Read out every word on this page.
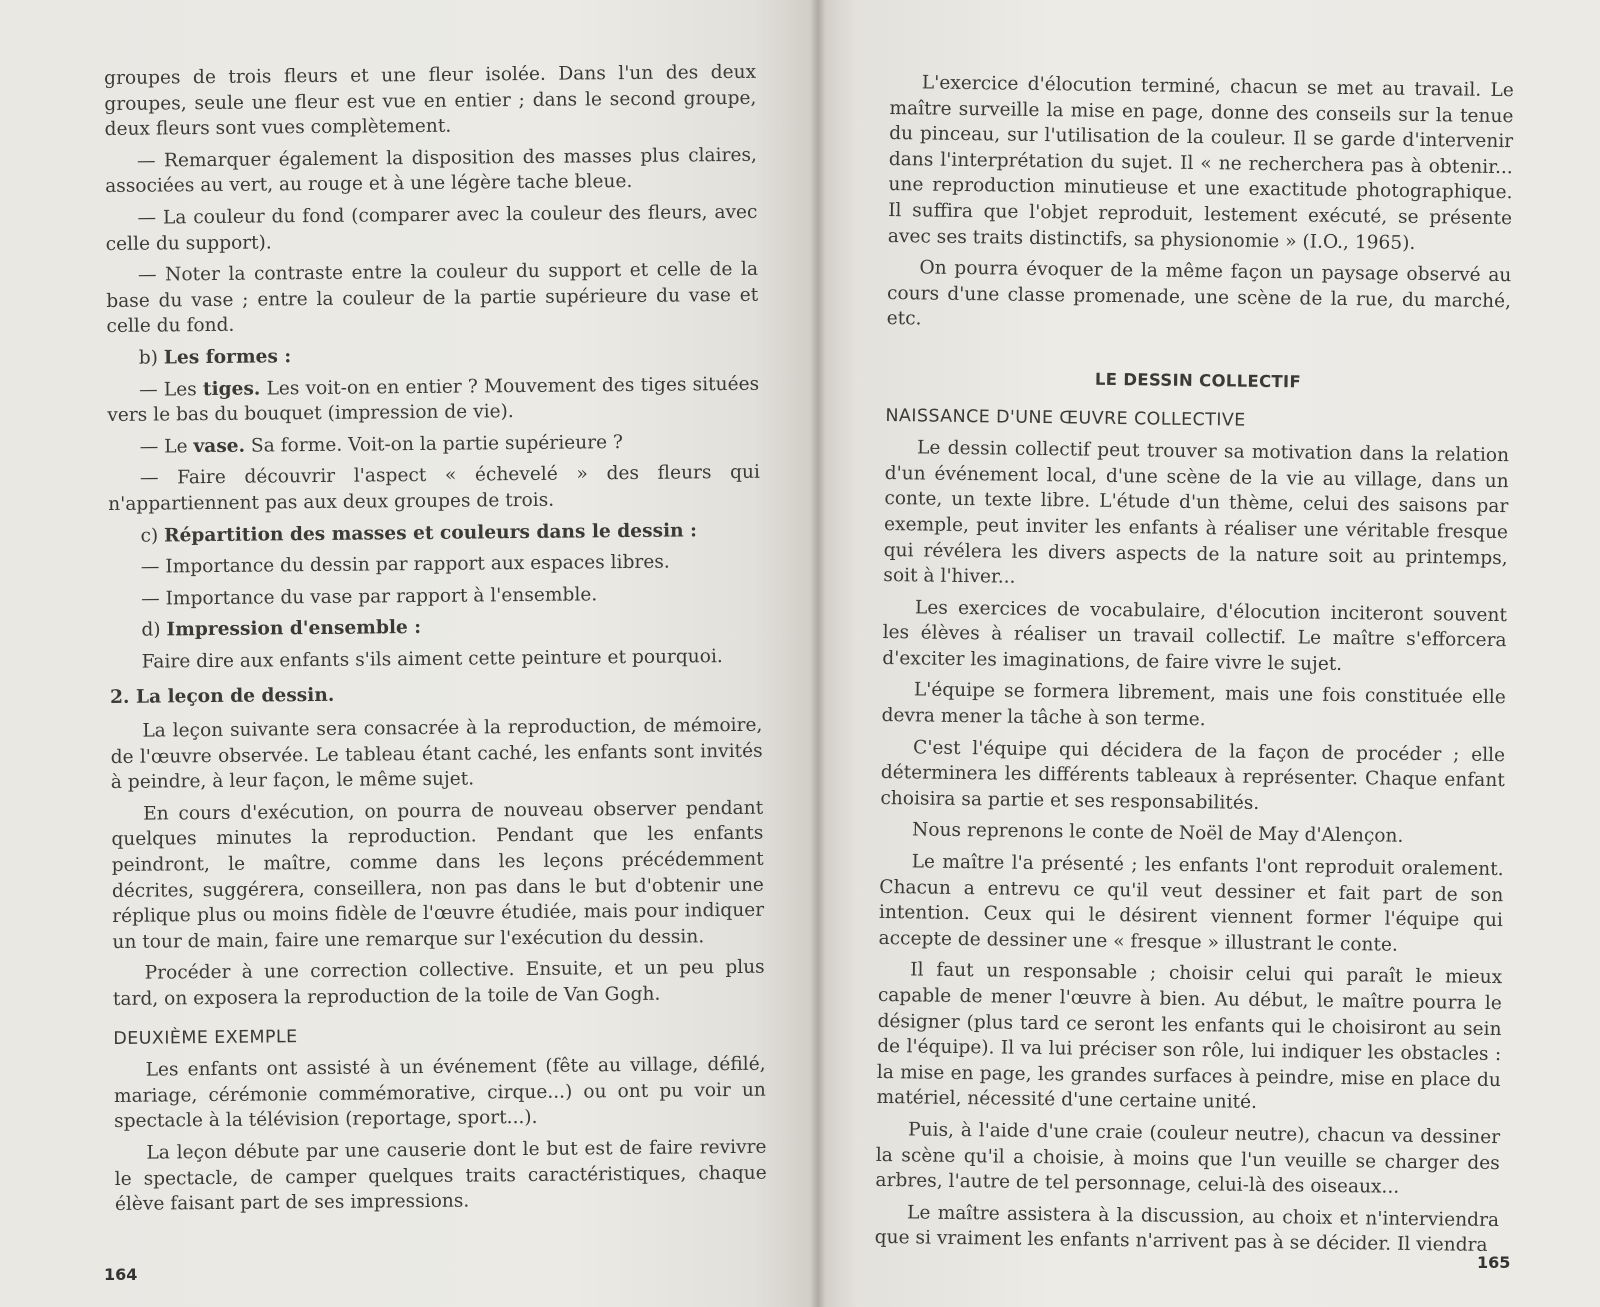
groupes de trois fleurs et une fleur isolée. Dans l'un des deux groupes, seule une fleur est vue en entier ; dans le second groupe, deux fleurs sont vues complètement.

— Remarquer également la disposition des masses plus claires, associées au vert, au rouge et à une légère tache bleue.

— La couleur du fond (comparer avec la couleur des fleurs, avec celle du support).

— Noter la contraste entre la couleur du support et celle de la base du vase ; entre la couleur de la partie supérieure du vase et celle du fond.

b) Les formes :

— Les tiges. Les voit-on en entier ? Mouvement des tiges situées vers le bas du bouquet (impression de vie).

— Le vase. Sa forme. Voit-on la partie supérieure ?

— Faire découvrir l'aspect « échevelé » des fleurs qui n'appartiennent pas aux deux groupes de trois.

c) Répartition des masses et couleurs dans le dessin :

— Importance du dessin par rapport aux espaces libres.

— Importance du vase par rapport à l'ensemble.

d) Impression d'ensemble :

Faire dire aux enfants s'ils aiment cette peinture et pourquoi.

2. La leçon de dessin.

La leçon suivante sera consacrée à la reproduction, de mémoire, de l'œuvre observée. Le tableau étant caché, les enfants sont invités à peindre, à leur façon, le même sujet.

En cours d'exécution, on pourra de nouveau observer pendant quelques minutes la reproduction. Pendant que les enfants peindront, le maître, comme dans les leçons précédemment décrites, suggérera, conseillera, non pas dans le but d'obtenir une réplique plus ou moins fidèle de l'œuvre étudiée, mais pour indiquer un tour de main, faire une remarque sur l'exécution du dessin.

Procéder à une correction collective. Ensuite, et un peu plus tard, on exposera la reproduction de la toile de Van Gogh.

DEUXIÈME EXEMPLE

Les enfants ont assisté à un événement (fête au village, défilé, mariage, cérémonie commémorative, cirque...) ou ont pu voir un spectacle à la télévision (reportage, sport...).

La leçon débute par une causerie dont le but est de faire revivre le spectacle, de camper quelques traits caractéristiques, chaque élève faisant part de ses impressions.

L'exercice d'élocution terminé, chacun se met au travail. Le maître surveille la mise en page, donne des conseils sur la tenue du pinceau, sur l'utilisation de la couleur. Il se garde d'intervenir dans l'interprétation du sujet. Il « ne recherchera pas à obtenir... une reproduction minutieuse et une exactitude photographique. Il suffira que l'objet reproduit, lestement exécuté, se présente avec ses traits distinctifs, sa physionomie » (I.O., 1965).

On pourra évoquer de la même façon un paysage observé au cours d'une classe promenade, une scène de la rue, du marché, etc.

LE DESSIN COLLECTIF

NAISSANCE D'UNE ŒUVRE COLLECTIVE

Le dessin collectif peut trouver sa motivation dans la relation d'un événement local, d'une scène de la vie au village, dans un conte, un texte libre. L'étude d'un thème, celui des saisons par exemple, peut inviter les enfants à réaliser une véritable fresque qui révélera les divers aspects de la nature soit au printemps, soit à l'hiver...

Les exercices de vocabulaire, d'élocution inciteront souvent les élèves à réaliser un travail collectif. Le maître s'efforcera d'exciter les imaginations, de faire vivre le sujet.

L'équipe se formera librement, mais une fois constituée elle devra mener la tâche à son terme.

C'est l'équipe qui décidera de la façon de procéder ; elle déterminera les différents tableaux à représenter. Chaque enfant choisira sa partie et ses responsabilités.

Nous reprenons le conte de Noël de May d'Alençon.

Le maître l'a présenté ; les enfants l'ont reproduit oralement. Chacun a entrevu ce qu'il veut dessiner et fait part de son intention. Ceux qui le désirent viennent former l'équipe qui accepte de dessiner une « fresque » illustrant le conte.

Il faut un responsable ; choisir celui qui paraît le mieux capable de mener l'œuvre à bien. Au début, le maître pourra le désigner (plus tard ce seront les enfants qui le choisiront au sein de l'équipe). Il va lui préciser son rôle, lui indiquer les obstacles : la mise en page, les grandes surfaces à peindre, mise en place du matériel, nécessité d'une certaine unité.

Puis, à l'aide d'une craie (couleur neutre), chacun va dessiner la scène qu'il a choisie, à moins que l'un veuille se charger des arbres, l'autre de tel personnage, celui-là des oiseaux...

Le maître assistera à la discussion, au choix et n'interviendra que si vraiment les enfants n'arrivent pas à se décider. Il viendra

164
165
